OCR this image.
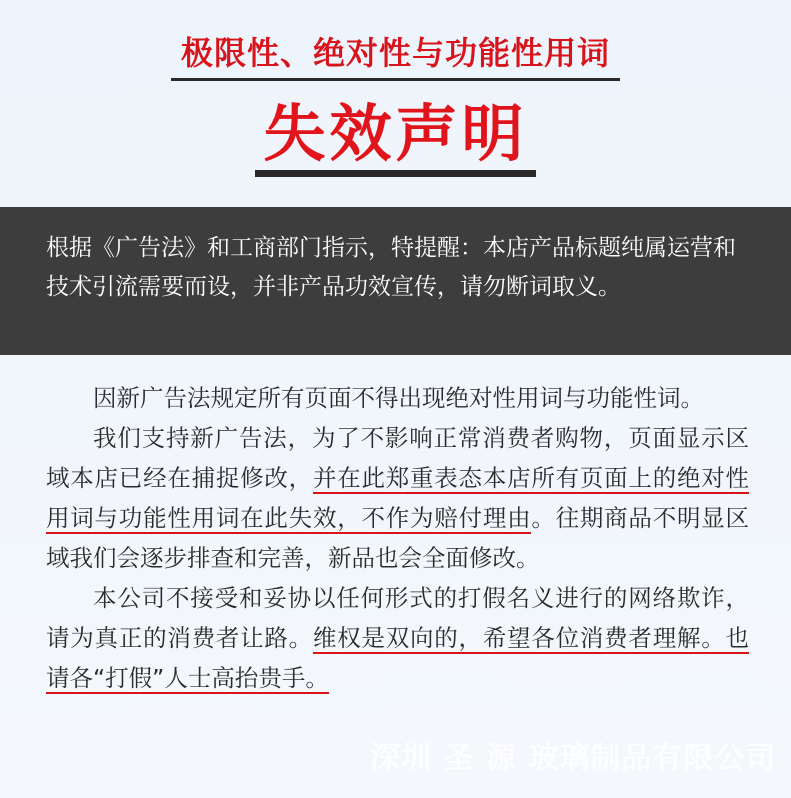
极限性、绝对性与功能性用词
失效声明
根据《广告法》和工商部门指示，特提醒：本店产品标题纯属运营和技术引流需要而设，并非产品功效宣传，请勿断词取义。

因新广告法规定所有页面不得出现绝对性用词与功能性词。

我们支持新广告法，为了不影响正常消费者购物，页面显示区域本店已经在捕捉修改，并在此郑重表态本店所有页面上的绝对性用词与功能性用词在此失效，不作为赔付理由。往期商品不明显区域我们会逐步排查和完善，新品也会全面修改。

本公司不接受和妥协以任何形式的打假名义进行的网络欺诈，请为真正的消费者让路。维权是双向的，希望各位消费者理解。也请各“打假”人士高抬贵手。

深圳 圣 源 玻璃制品有限公司
